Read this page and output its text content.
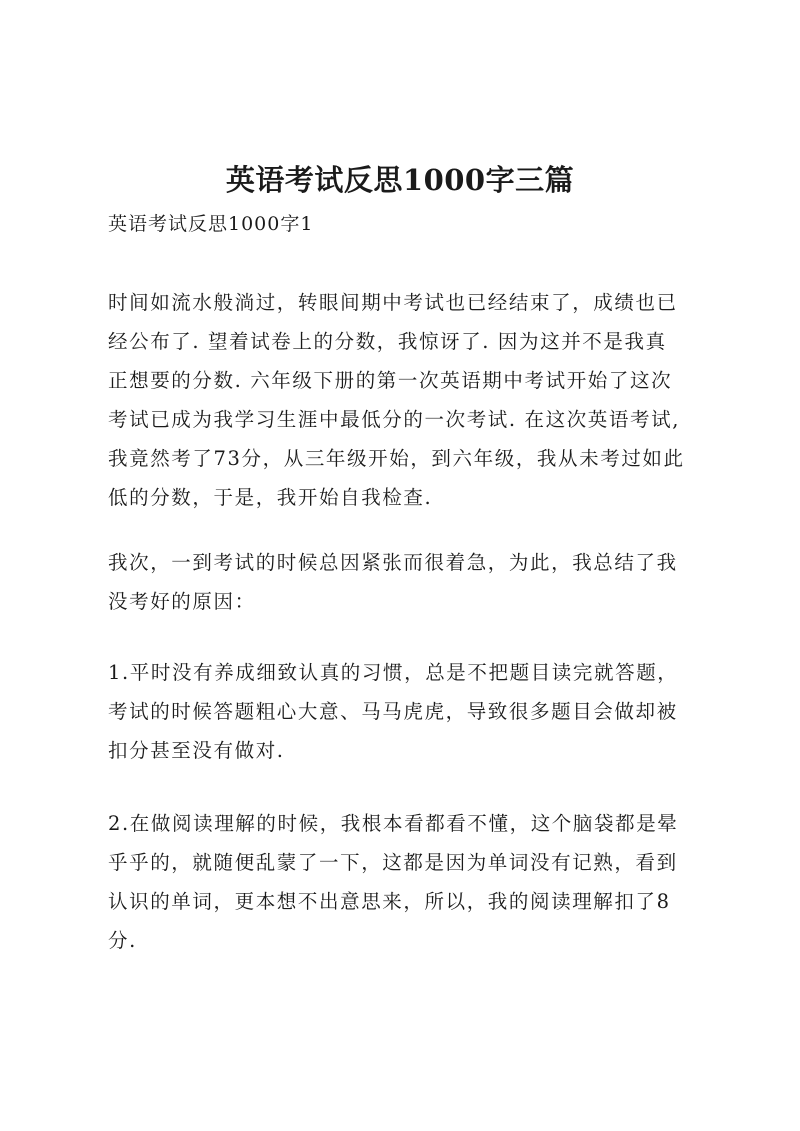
英语考试反思1000字三篇
英语考试反思1000字1
时间如流水般淌过，转眼间期中考试也已经结束了，成绩也已
经公布了. 望着试卷上的分数，我惊讶了. 因为这并不是我真
正想要的分数. 六年级下册的第一次英语期中考试开始了这次
考试已成为我学习生涯中最低分的一次考试. 在这次英语考试,
我竟然考了73分，从三年级开始，到六年级，我从未考过如此
低的分数，于是，我开始自我检查.
我次，一到考试的时候总因紧张而很着急，为此，我总结了我
没考好的原因：
1.平时没有养成细致认真的习惯，总是不把题目读完就答题，
考试的时候答题粗心大意、马马虎虎，导致很多题目会做却被
扣分甚至没有做对.
2.在做阅读理解的时候，我根本看都看不懂，这个脑袋都是晕
乎乎的，就随便乱蒙了一下，这都是因为单词没有记熟，看到
认识的单词，更本想不出意思来，所以，我的阅读理解扣了8
分.
